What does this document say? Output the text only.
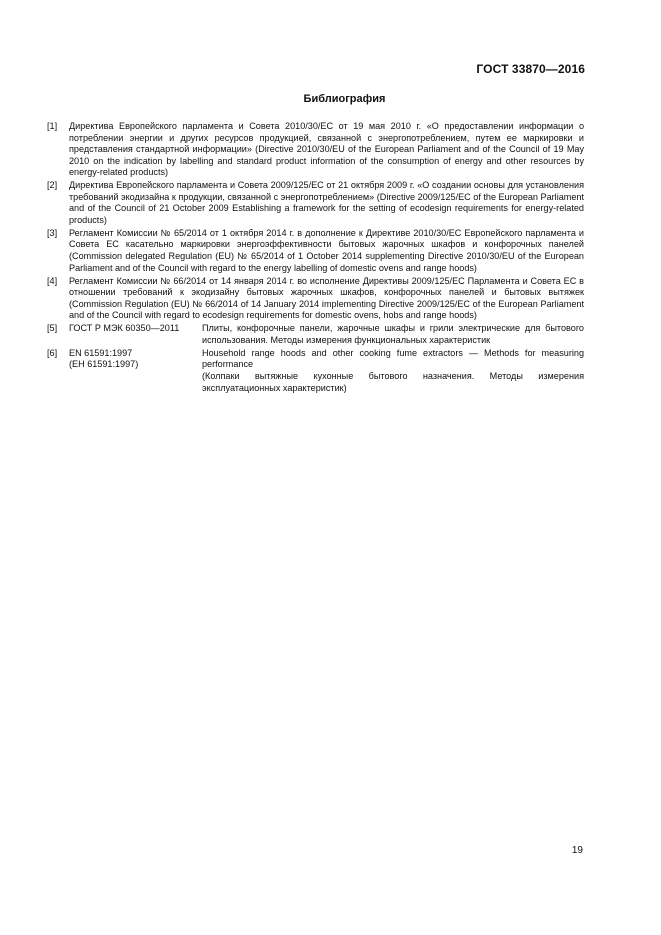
ГОСТ 33870—2016
Библиография
[1] Директива Европейского парламента и Совета 2010/30/ЕС от 19 мая 2010 г. «О предоставлении информации о потреблении энергии и других ресурсов продукцией, связанной с энергопотреблением, путем ее маркировки и представления стандартной информации» (Directive 2010/30/EU of the European Parliament and of the Council of 19 May 2010 on the indication by labelling and standard product information of the consumption of energy and other resources by energy-related products)
[2] Директива Европейского парламента и Совета 2009/125/ЕС от 21 октября 2009 г. «О создании основы для установления требований экодизайна к продукции, связанной с энергопотреблением» (Directive 2009/125/EC of the European Parliament and of the Council of 21 October 2009 Establishing a framework for the setting of ecodesign requirements for energy-related products)
[3] Регламент Комиссии № 65/2014 от 1 октября 2014 г. в дополнение к Директиве 2010/30/ЕС Европейского парламента и Совета ЕС касательно маркировки энергоэффективности бытовых жарочных шкафов и конфорочных панелей (Commission delegated Regulation (EU) № 65/2014 of 1 October 2014 supplementing Directive 2010/30/EU of the European Parliament and of the Council with regard to the energy labelling of domestic ovens and range hoods)
[4] Регламент Комиссии № 66/2014 от 14 января 2014 г. во исполнение Директивы 2009/125/ЕС Парламента и Совета ЕС в отношении требований к экодизайну бытовых жарочных шкафов, конфорочных панелей и бытовых вытяжек (Commission Regulation (EU) № 66/2014 of 14 January 2014 implementing Directive 2009/125/EC of the European Parliament and of the Council with regard to ecodesign requirements for domestic ovens, hobs and range hoods)
[5] ГОСТ Р МЭК 60350—2011	Плиты, конфорочные панели, жарочные шкафы и грили электрические для бытового использования. Методы измерения функциональных характеристик
[6] EN 61591:1997
(ЕН 61591:1997)
Household range hoods and other cooking fume extractors — Methods for measuring performance
(Колпаки вытяжные кухонные бытового назначения. Методы измерения эксплуатационных характеристик)
19
